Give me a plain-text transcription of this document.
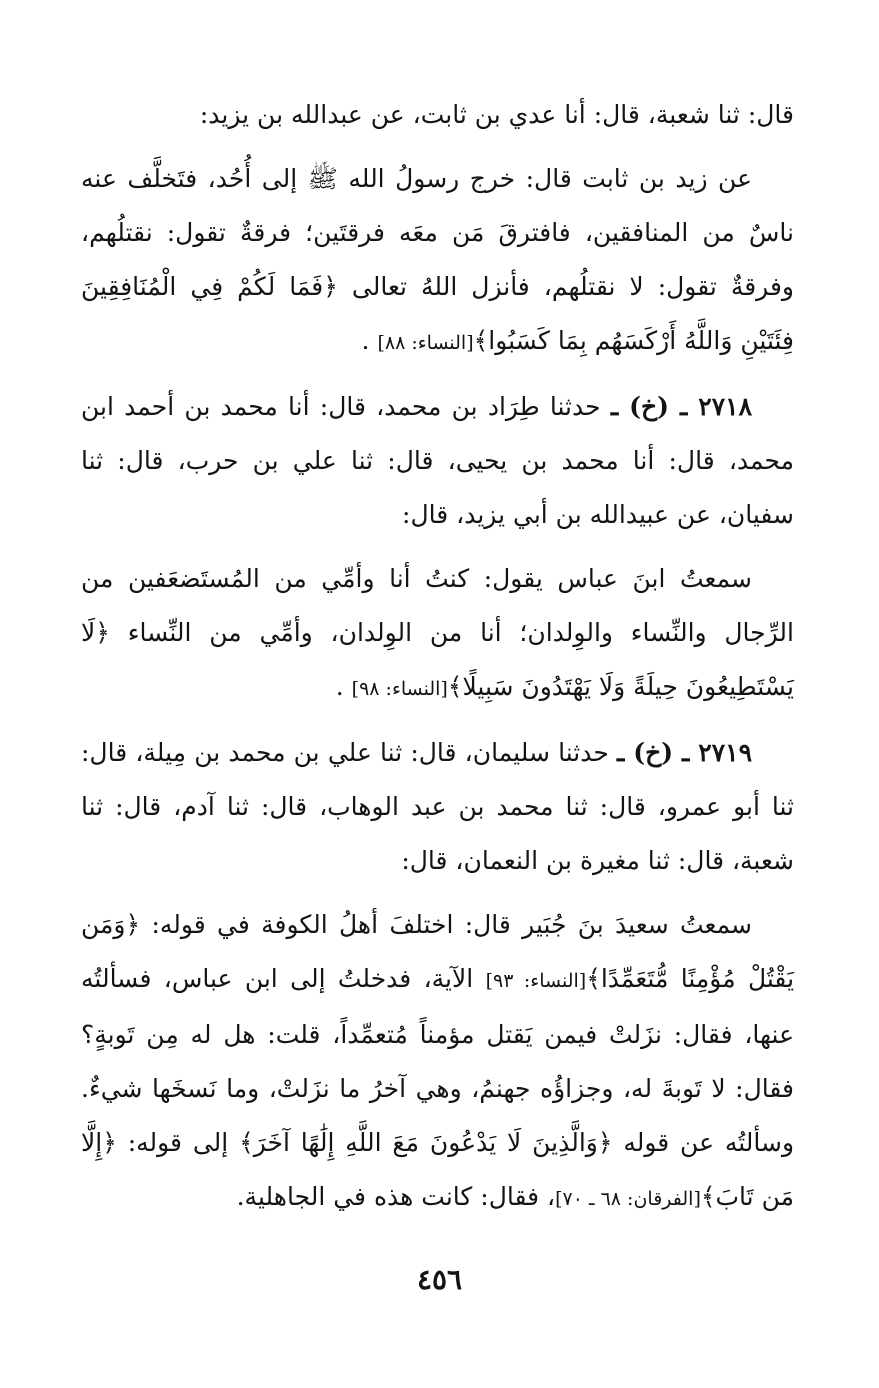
قال: ثنا شعبة، قال: أنا عدي بن ثابت، عن عبدالله بن يزيد:

عن زيد بن ثابت قال: خرج رسولُ الله ﷺ إلى أُحُد، فتَخلَّف عنه ناسٌ من المنافقين، فافترقَ مَن معَه فرقتَين؛ فرقةٌ تقول: نقتلُهم، وفرقةٌ تقول: لا نقتلُهم، فأنزل اللهُ تعالى ﴿فَمَا لَكُمْ فِي الْمُنَافِقِينَ فِئَتَيْنِ وَاللَّهُ أَرْكَسَهُم بِمَا كَسَبُوا﴾[النساء: ٨٨] .

٢٧١٨ ـ (خ) ـ حدثنا طِرَاد بن محمد، قال: أنا محمد بن أحمد ابن محمد، قال: أنا محمد بن يحيى، قال: ثنا علي بن حرب، قال: ثنا سفيان، عن عبيدالله بن أبي يزيد، قال:

سمعتُ ابنَ عباس يقول: كنتُ أنا وأمِّي من المُستَضعَفين من الرِّجال والنِّساء والوِلدان؛ أنا من الوِلدان، وأمِّي من النِّساء ﴿لَا يَسْتَطِيعُونَ حِيلَةً وَلَا يَهْتَدُونَ سَبِيلًا﴾[النساء: ٩٨] .

٢٧١٩ ـ (خ) ـ حدثنا سليمان، قال: ثنا علي بن محمد بن مِيلة، قال: ثنا أبو عمرو، قال: ثنا محمد بن عبد الوهاب، قال: ثنا آدم، قال: ثنا شعبة، قال: ثنا مغيرة بن النعمان، قال:

سمعتُ سعيدَ بنَ جُبَير قال: اختلفَ أهلُ الكوفة في قوله: ﴿وَمَن يَقْتُلْ مُؤْمِنًا مُّتَعَمِّدًا﴾[النساء: ٩٣] الآية، فدخلتُ إلى ابن عباس، فسألتُه عنها، فقال: نزَلتْ فيمن يَقتل مؤمناً مُتعمِّداً، قلت: هل له مِن تَوبةٍ؟ فقال: لا تَوبةَ له، وجزاؤُه جهنمُ، وهي آخرُ ما نزَلتْ، وما نَسخَها شيءٌ. وسألتُه عن قوله ﴿وَالَّذِينَ لَا يَدْعُونَ مَعَ اللَّهِ إِلَٰهًا آخَرَ﴾ إلى قوله: ﴿إِلَّا مَن تَابَ﴾[الفرقان: ٦٨ ـ ٧٠]، فقال: كانت هذه في الجاهلية.

٤٥٦
